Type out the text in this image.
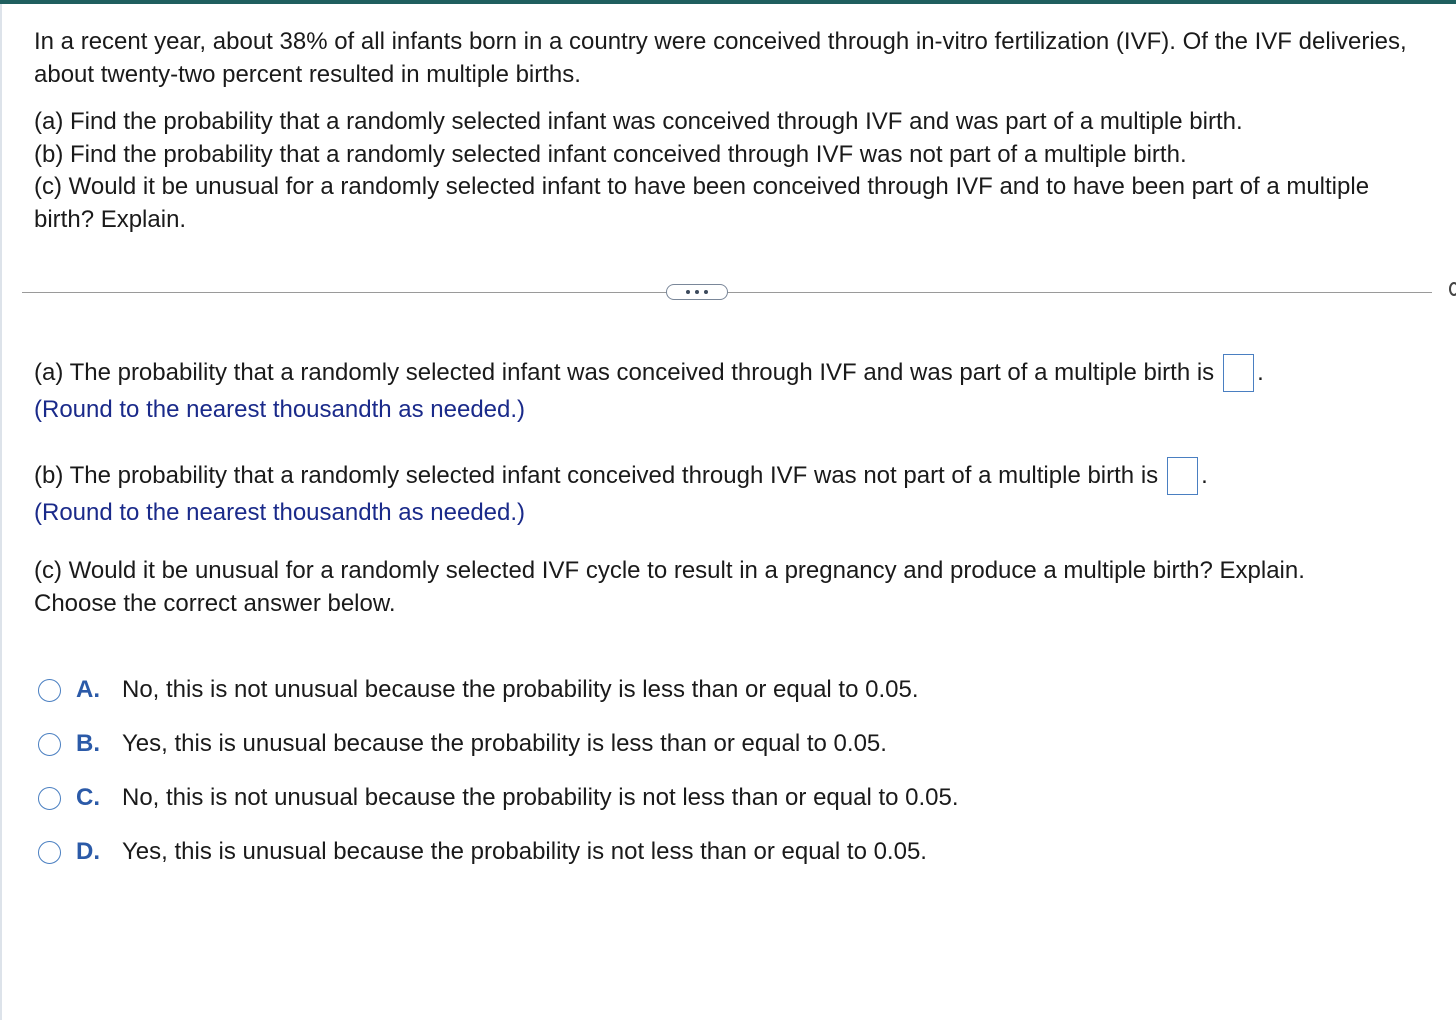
In a recent year, about 38% of all infants born in a country were conceived through in-vitro fertilization (IVF). Of the IVF deliveries, about twenty-two percent resulted in multiple births.

(a) Find the probability that a randomly selected infant was conceived through IVF and was part of a multiple birth.

(b) Find the probability that a randomly selected infant conceived through IVF was not part of a multiple birth.

(c) Would it be unusual for a randomly selected infant to have been conceived through IVF and to have been part of a multiple birth? Explain.

(a) The probability that a randomly selected infant was conceived through IVF and was part of a multiple birth is .
(Round to the nearest thousandth as needed.)
(b) The probability that a randomly selected infant conceived through IVF was not part of a multiple birth is .
(Round to the nearest thousandth as needed.)
(c) Would it be unusual for a randomly selected IVF cycle to result in a pregnancy and produce a multiple birth? Explain.
Choose the correct answer below.
A. No, this is not unusual because the probability is less than or equal to 0.05.
B. Yes, this is unusual because the probability is less than or equal to 0.05.
C. No, this is not unusual because the probability is not less than or equal to 0.05.
D. Yes, this is unusual because the probability is not less than or equal to 0.05.
